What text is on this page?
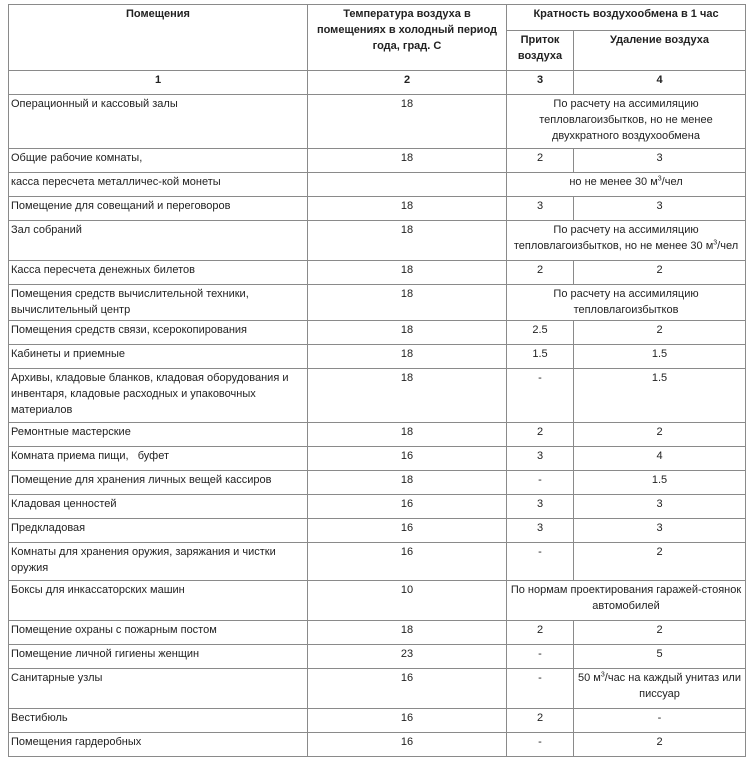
Помещения	Температура воздуха в помещениях в холодный период года, град. С	Кратность воздухообмена в 1 час	
		Приток воздуха	Удаление воздуха
1	2	3	4
Операционный и кассовый залы	18	По расчету на ассимиляцию тепловлагоизбытков, но не менее двухкратного воздухообмена	
Общие рабочие комнаты,	18	2	3
касса пересчета металличес-кой монеты		но не менее 30 $м^3$/чел	
Помещение для совещаний и переговоров	18	3	3
Зал собраний	18	По расчету на ассимиляцию тепловлагоизбытков, но не менее 30 $м^3$/чел	
Касса пересчета денежных билетов	18	2	2
Помещения средств вычислительной техники, вычислительный центр	18	По расчету на ассимиляцию тепловлагоизбытков	
Помещения средств связи, ксерокопирования	18	2.5	2
Кабинеты и приемные	18	1.5	1.5
Архивы, кладовые бланков, кладовая оборудования и инвентаря, кладовые расходных и упаковочных материалов	18	-	1.5
Ремонтные мастерские	18	2	2
Комната приема пищи,   буфет	16	3	4
Помещение для хранения личных вещей кассиров	18	-	1.5
Кладовая ценностей	16	3	3
Предкладовая	16	3	3
Комнаты для хранения оружия, заряжания и чистки оружия	16	-	2
Боксы для инкассаторских машин	10	По нормам проектирования гаражей-стоянок автомобилей	
Помещение охраны с пожарным постом	18	2	2
Помещение личной гигиены женщин	23	-	5
Санитарные узлы	16	-	50 $м^3$/час на каждый унитаз или писсуар
Вестибюль	16	2	-
Помещения гардеробных	16	-	2
